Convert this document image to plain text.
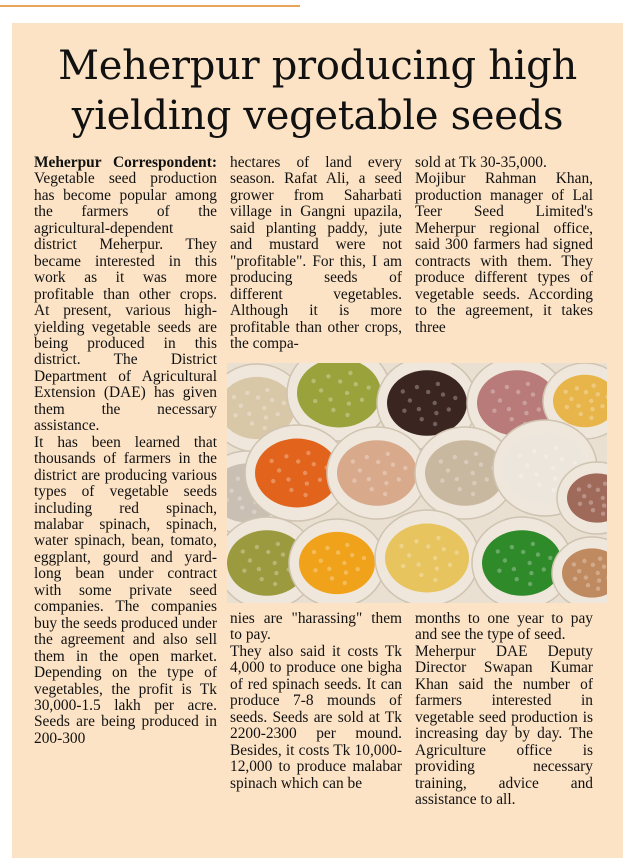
Meherpur producing high yielding vegetable seeds

Meherpur Correspondent: Vegetable seed production has become popular among the farmers of the agricultural-dependent district Meherpur. They became interested in this work as it was more profitable than other crops. At present, various high-yielding vegetable seeds are being produced in this district. The District Department of Agricultural Extension (DAE) has given them the necessary assistance.

It has been learned that thousands of farmers in the district are producing various types of vegetable seeds including red spinach, malabar spinach, spinach, water spinach, bean, tomato, eggplant, gourd and yard-long bean under contract with some private seed companies. The companies buy the seeds produced under the agreement and also sell them in the open market. Depending on the type of vegetables, the profit is Tk 30,000-1.5 lakh per acre. Seeds are being produced in 200-300

hectares of land every season. Rafat Ali, a seed grower from Saharbati village in Gangni upazila, said planting paddy, jute and mustard were not "profitable". For this, I am producing seeds of different vegetables. Although it is more profitable than other crops, the compa-

sold at Tk 30-35,000.

Mojibur Rahman Khan, production manager of Lal Teer Seed Limited's Meherpur regional office, said 300 farmers had signed contracts with them. They produce different types of vegetable seeds. According to the agreement, it takes three

nies are "harassing" them to pay.

They also said it costs Tk 4,000 to produce one bigha of red spinach seeds. It can produce 7-8 mounds of seeds. Seeds are sold at Tk 2200-2300 per mound. Besides, it costs Tk 10,000-12,000 to produce malabar spinach which can be

months to one year to pay and see the type of seed.

Meherpur DAE Deputy Director Swapan Kumar Khan said the number of farmers interested in vegetable seed production is increasing day by day. The Agriculture office is providing necessary training, advice and assistance to all.
